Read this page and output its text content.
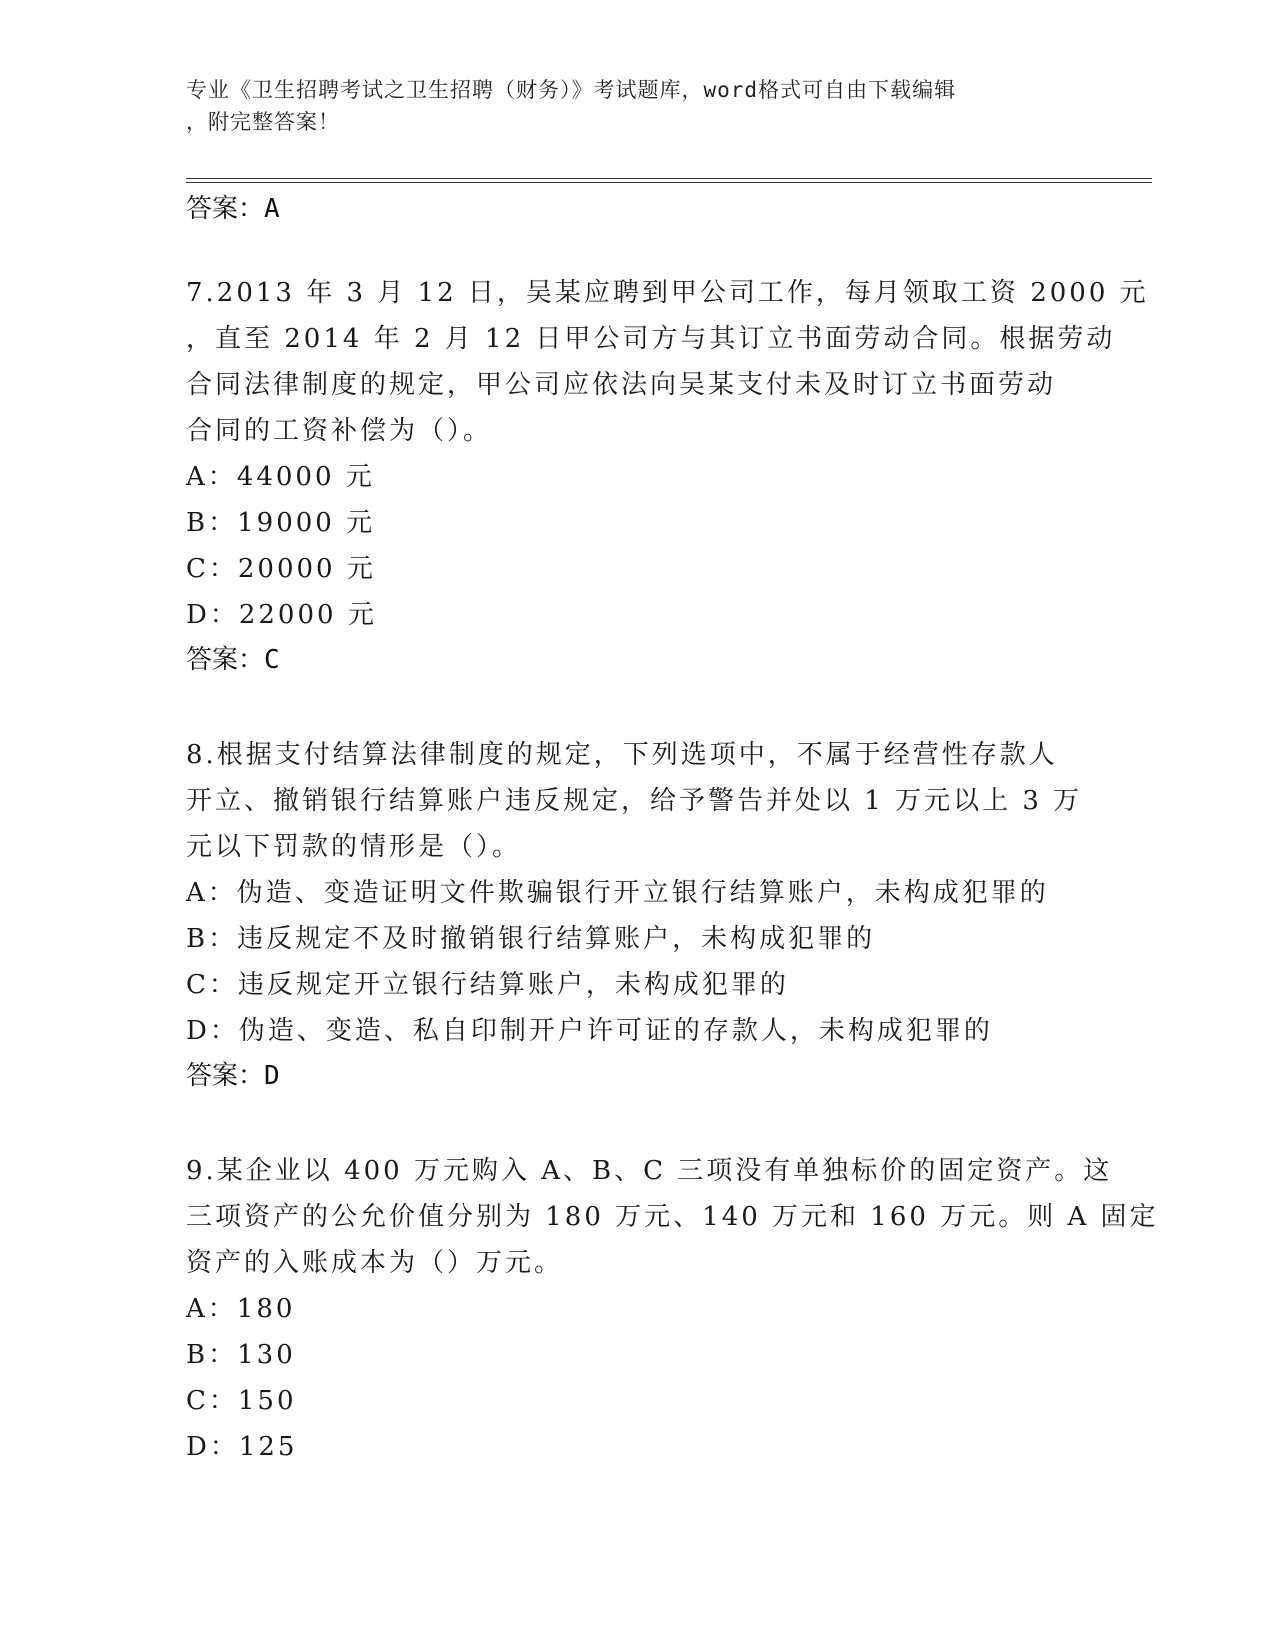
专业《卫生招聘考试之卫生招聘（财务）》考试题库，word格式可自由下载编辑
，附完整答案！
答案：A
7.2013 年 3 月 12 日，吴某应聘到甲公司工作，每月领取工资 2000 元
，直至 2014 年 2 月 12 日甲公司方与其订立书面劳动合同。根据劳动
合同法律制度的规定，甲公司应依法向吴某支付未及时订立书面劳动
合同的工资补偿为（）。
A：44000 元
B：19000 元
C：20000 元
D：22000 元
答案：C
8.根据支付结算法律制度的规定，下列选项中，不属于经营性存款人
开立、撤销银行结算账户违反规定，给予警告并处以 1 万元以上 3 万
元以下罚款的情形是（）。
A：伪造、变造证明文件欺骗银行开立银行结算账户，未构成犯罪的
B：违反规定不及时撤销银行结算账户，未构成犯罪的
C：违反规定开立银行结算账户，未构成犯罪的
D：伪造、变造、私自印制开户许可证的存款人，未构成犯罪的
答案：D
9.某企业以 400 万元购入 A、B、C 三项没有单独标价的固定资产。这
三项资产的公允价值分别为 180 万元、140 万元和 160 万元。则 A 固定
资产的入账成本为（）万元。
A：180
B：130
C：150
D：125
